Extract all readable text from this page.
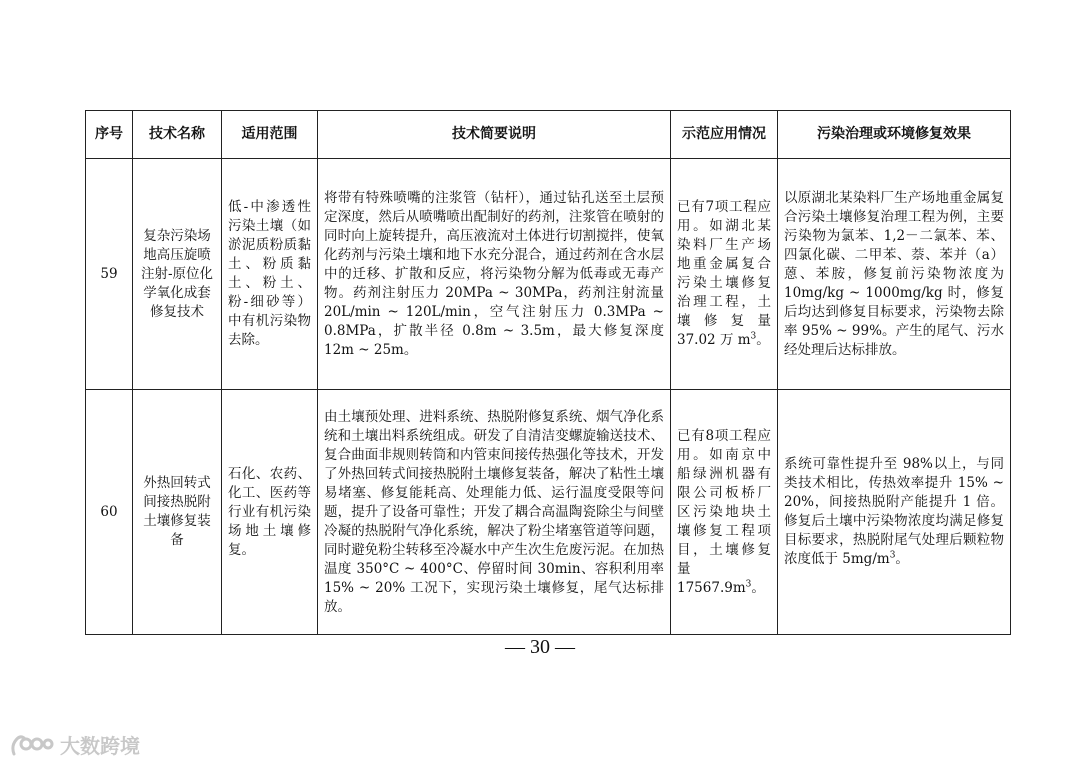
序号	技术名称	适用范围	技术简要说明	示范应用情况	污染治理或环境修复效果
59	复杂污染场地高压旋喷注射-原位化学氧化成套修复技术	低-中渗透性污染土壤（如淤泥质粉质黏土、粉质黏土、粉土、粉-细砂等）中有机污染物去除。	将带有特殊喷嘴的注浆管（钻杆），通过钻孔送至土层预定深度，然后从喷嘴喷出配制好的药剂，注浆管在喷射的同时向上旋转提升，高压液流对土体进行切割搅拌，使氧化药剂与污染土壤和地下水充分混合，通过药剂在含水层中的迁移、扩散和反应，将污染物分解为低毒或无毒产物。药剂注射压力 20MPa ~ 30MPa，药剂注射流量 20L/min ~ 120L/min，空气注射压力 0.3MPa ~ 0.8MPa，扩散半径 0.8m ~ 3.5m，最大修复深度 12m ~ 25m。	已有7项工程应用。如湖北某染料厂生产场地重金属复合污染土壤修复治理工程，土壤修复量 37.02 万 $m^3$。	以原湖北某染料厂生产场地重金属复合污染土壤修复治理工程为例，主要污染物为氯苯、1,2－二氯苯、苯、四氯化碳、二甲苯、萘、苯并（a）蒽、苯胺，修复前污染物浓度为 10mg/kg ~ 1000mg/kg 时，修复后均达到修复目标要求，污染物去除率 95% ~ 99%。产生的尾气、污水经处理后达标排放。
60	外热回转式间接热脱附土壤修复装备	石化、农药、化工、医药等行业有机污染场地土壤修复。	由土壤预处理、进料系统、热脱附修复系统、烟气净化系统和土壤出料系统组成。研发了自清洁变螺旋输送技术、复合曲面非规则转筒和内管束间接传热强化等技术，开发了外热回转式间接热脱附土壤修复装备，解决了粘性土壤易堵塞、修复能耗高、处理能力低、运行温度受限等问题，提升了设备可靠性；开发了耦合高温陶瓷除尘与间壁冷凝的热脱附气净化系统，解决了粉尘堵塞管道等问题，同时避免粉尘转移至冷凝水中产生次生危废污泥。在加热温度 350°C ~ 400°C、停留时间 30min、容积利用率 15% ~ 20% 工况下，实现污染土壤修复，尾气达标排放。	已有8项工程应用。如南京中船绿洲机器有限公司板桥厂区污染地块土壤修复工程项目，土壤修复量 $17567.9m^3$。	系统可靠性提升至 98%以上，与同类技术相比，传热效率提升 15% ~ 20%，间接热脱附产能提升 1 倍。修复后土壤中污染物浓度均满足修复目标要求，热脱附尾气处理后颗粒物浓度低于 $5mg/m^3$。
— 30 —
大数跨境
